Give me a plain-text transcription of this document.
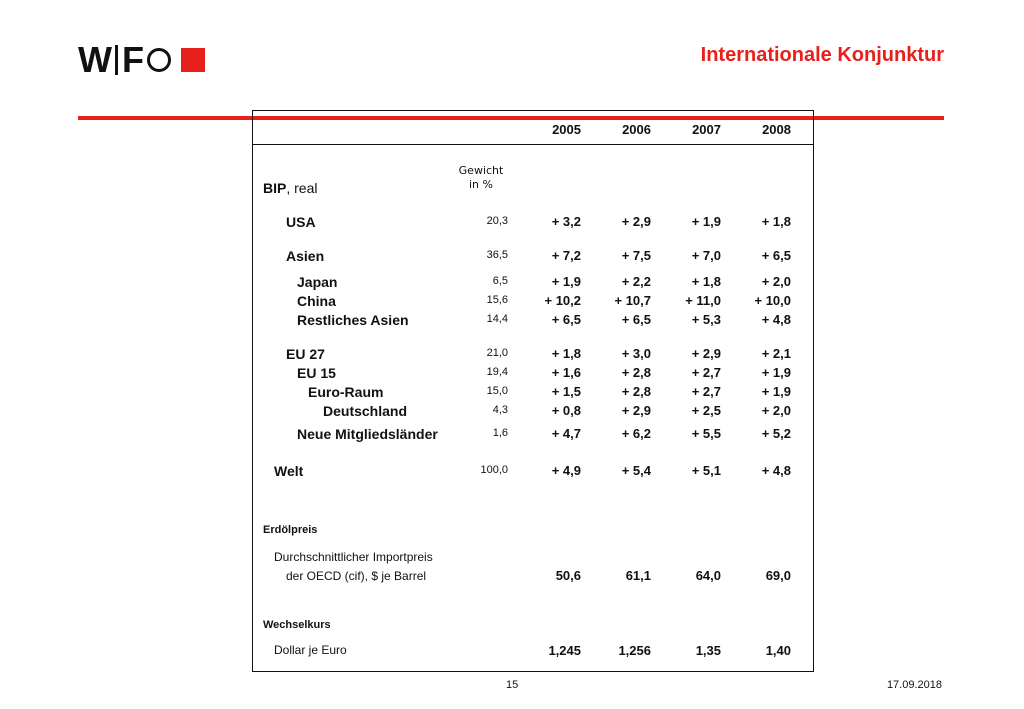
W F	Internationale Konjunktur
2005	2006	2007	2008
Gewicht
in %
BIP, real
USA	20,3	+ 3,2	+ 2,9	+ 1,9	+ 1,8
Asien	36,5	+ 7,2	+ 7,5	+ 7,0	+ 6,5
Japan	6,5	+ 1,9	+ 2,2	+ 1,8	+ 2,0
China	15,6	+ 10,2	+ 10,7	+ 11,0	+ 10,0
Restliches Asien	14,4	+ 6,5	+ 6,5	+ 5,3	+ 4,8
EU 27	21,0	+ 1,8	+ 3,0	+ 2,9	+ 2,1
EU 15	19,4	+ 1,6	+ 2,8	+ 2,7	+ 1,9
Euro-Raum	15,0	+ 1,5	+ 2,8	+ 2,7	+ 1,9
Deutschland	4,3	+ 0,8	+ 2,9	+ 2,5	+ 2,0
Neue Mitgliedsländer	1,6	+ 4,7	+ 6,2	+ 5,5	+ 5,2
Welt	100,0	+ 4,9	+ 5,4	+ 5,1	+ 4,8
Erdölpreis
Durchschnittlicher Importpreis
der OECD (cif), $ je Barrel	50,6	61,1	64,0	69,0
Wechselkurs
Dollar je Euro	1,245	1,256	1,35	1,40
15	17.09.2018
